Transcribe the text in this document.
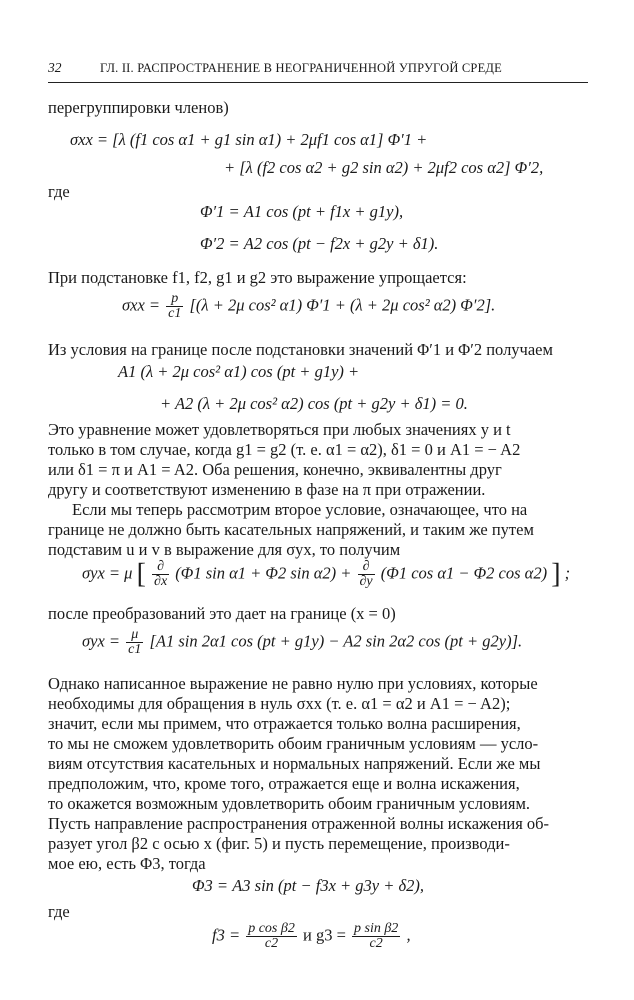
32	ГЛ. II. РАСПРОСТРАНЕНИЕ В НЕОГРАНИЧЕННОЙ УПРУГОЙ СРЕДЕ
перегруппировки членов)
σxx = [λ (f1 cos α1 + g1 sin α1) + 2μf1 cos α1] Φ′1 +
+ [λ (f2 cos α2 + g2 sin α2) + 2μf2 cos α2] Φ′2,
где
Φ′1 = A1 cos (pt + f1x + g1y),
Φ′2 = A2 cos (pt − f2x + g2y + δ1).
При подстановке f1, f2, g1 и g2 это выражение упрощается:
$\sigma xx = \frac{p}{c1} [(\lambda + 2\mu$ cos² α1) Φ′1 + (λ + 2μ cos² α2) Φ′2].
Из условия на границе после подстановки значений Φ′1 и Φ′2 получаем
A1 (λ + 2μ cos² α1) cos (pt + g1y) +
+ A2 (λ + 2μ cos² α2) cos (pt + g2y + δ1) = 0.
Это уравнение может удовлетворяться при любых значениях y и t
только в том случае, когда g1 = g2 (т. е. α1 = α2), δ1 = 0 и A1 = − A2
или δ1 = π и A1 = A2. Оба решения, конечно, эквивалентны друг
другу и соответствуют изменению в фазе на π при отражении.
Если мы теперь рассмотрим второе условие, означающее, что на
границе не должно быть касательных напряжений, и таким же путем
подставим u и v в выражение для σyx, то получим
σyx = μ [ $\frac{\partial}{\partial x} (\Phi 1$ sin α1 + Φ2 $\sin \alpha 2) + \frac{\partial}{\partial y} (\Phi 1$ cos α1 − Φ2 cos α2) ] ;
после преобразований это дает на границе (x = 0)
$\sigma yx = \frac{\mu}{c1} [A1$ sin 2α1 cos (pt + g1y) − A2 sin 2α2 cos (pt + g2y)].
Однако написанное выражение не равно нулю при условиях, которые
необходимы для обращения в нуль σxx (т. е. α1 = α2 и A1 = − A2);
значит, если мы примем, что отражается только волна расширения,
то мы не сможем удовлетворить обоим граничным условиям — усло-
виям отсутствия касательных и нормальных напряжений. Если же мы
предположим, что, кроме того, отражается еще и волна искажения,
то окажется возможным удовлетворить обоим граничным условиям.
Пусть направление распространения отраженной волны искажения об-
разует угол β2 с осью x (фиг. 5) и пусть перемещение, производи-
мое ею, есть Φ3, тогда
Φ3 = A3 sin (pt − f3x + g3y + δ2),
где
$f3 = \frac{\text{p cos β2}}{c2}$ и $g3 = \frac{\text{p sin β2}}{c2}$ ,
